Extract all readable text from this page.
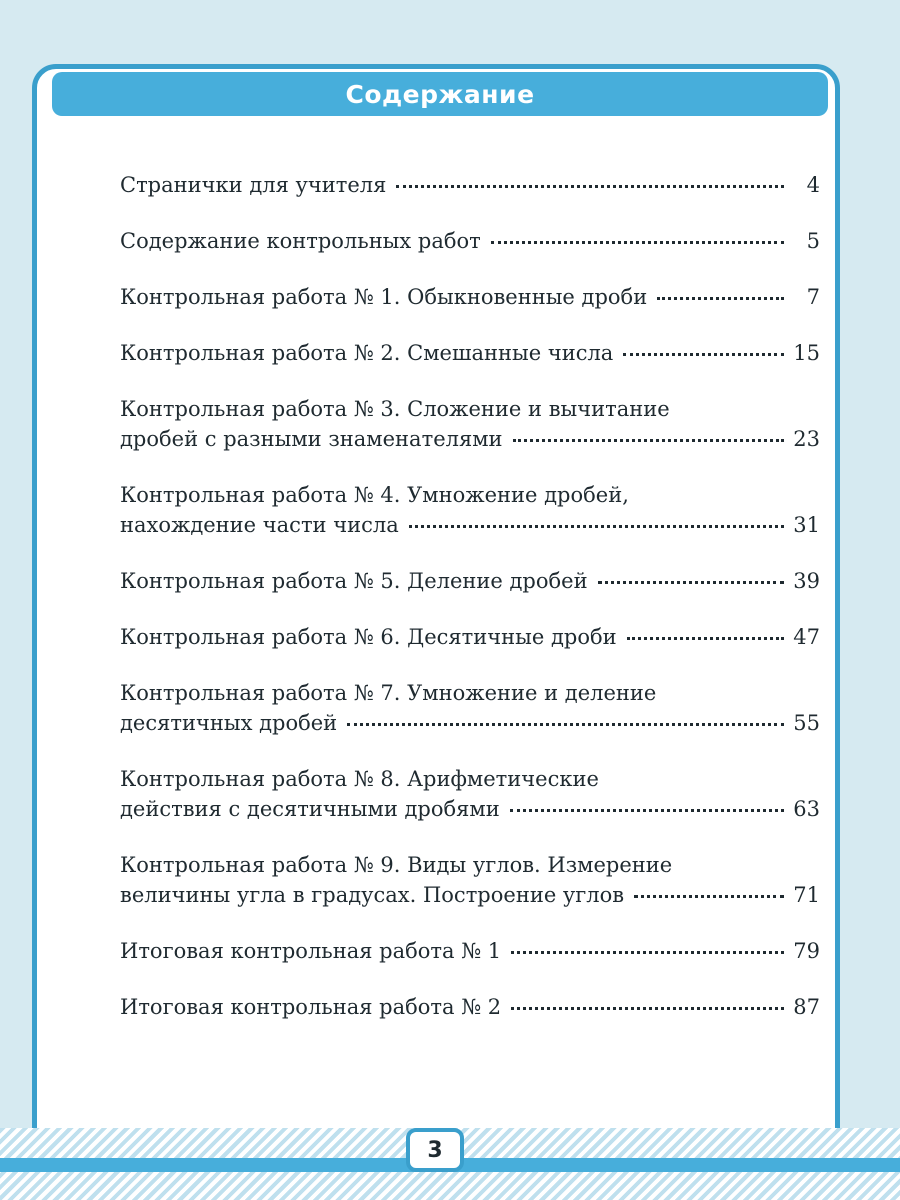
Содержание
Странички для учителя	4
Содержание контрольных работ	5
Контрольная работа № 1. Обыкновенные дроби	7
Контрольная работа № 2. Смешанные числа	15
Контрольная работа № 3. Сложение и вычитание
дробей с разными знаменателями	23
Контрольная работа № 4. Умножение дробей,
нахождение части числа	31
Контрольная работа № 5. Деление дробей	39
Контрольная работа № 6. Десятичные дроби	47
Контрольная работа № 7. Умножение и деление
десятичных дробей	55
Контрольная работа № 8. Арифметические
действия с десятичными дробями	63
Контрольная работа № 9. Виды углов. Измерение
величины угла в градусах. Построение углов	71
Итоговая контрольная работа № 1	79
Итоговая контрольная работа № 2	87
3
